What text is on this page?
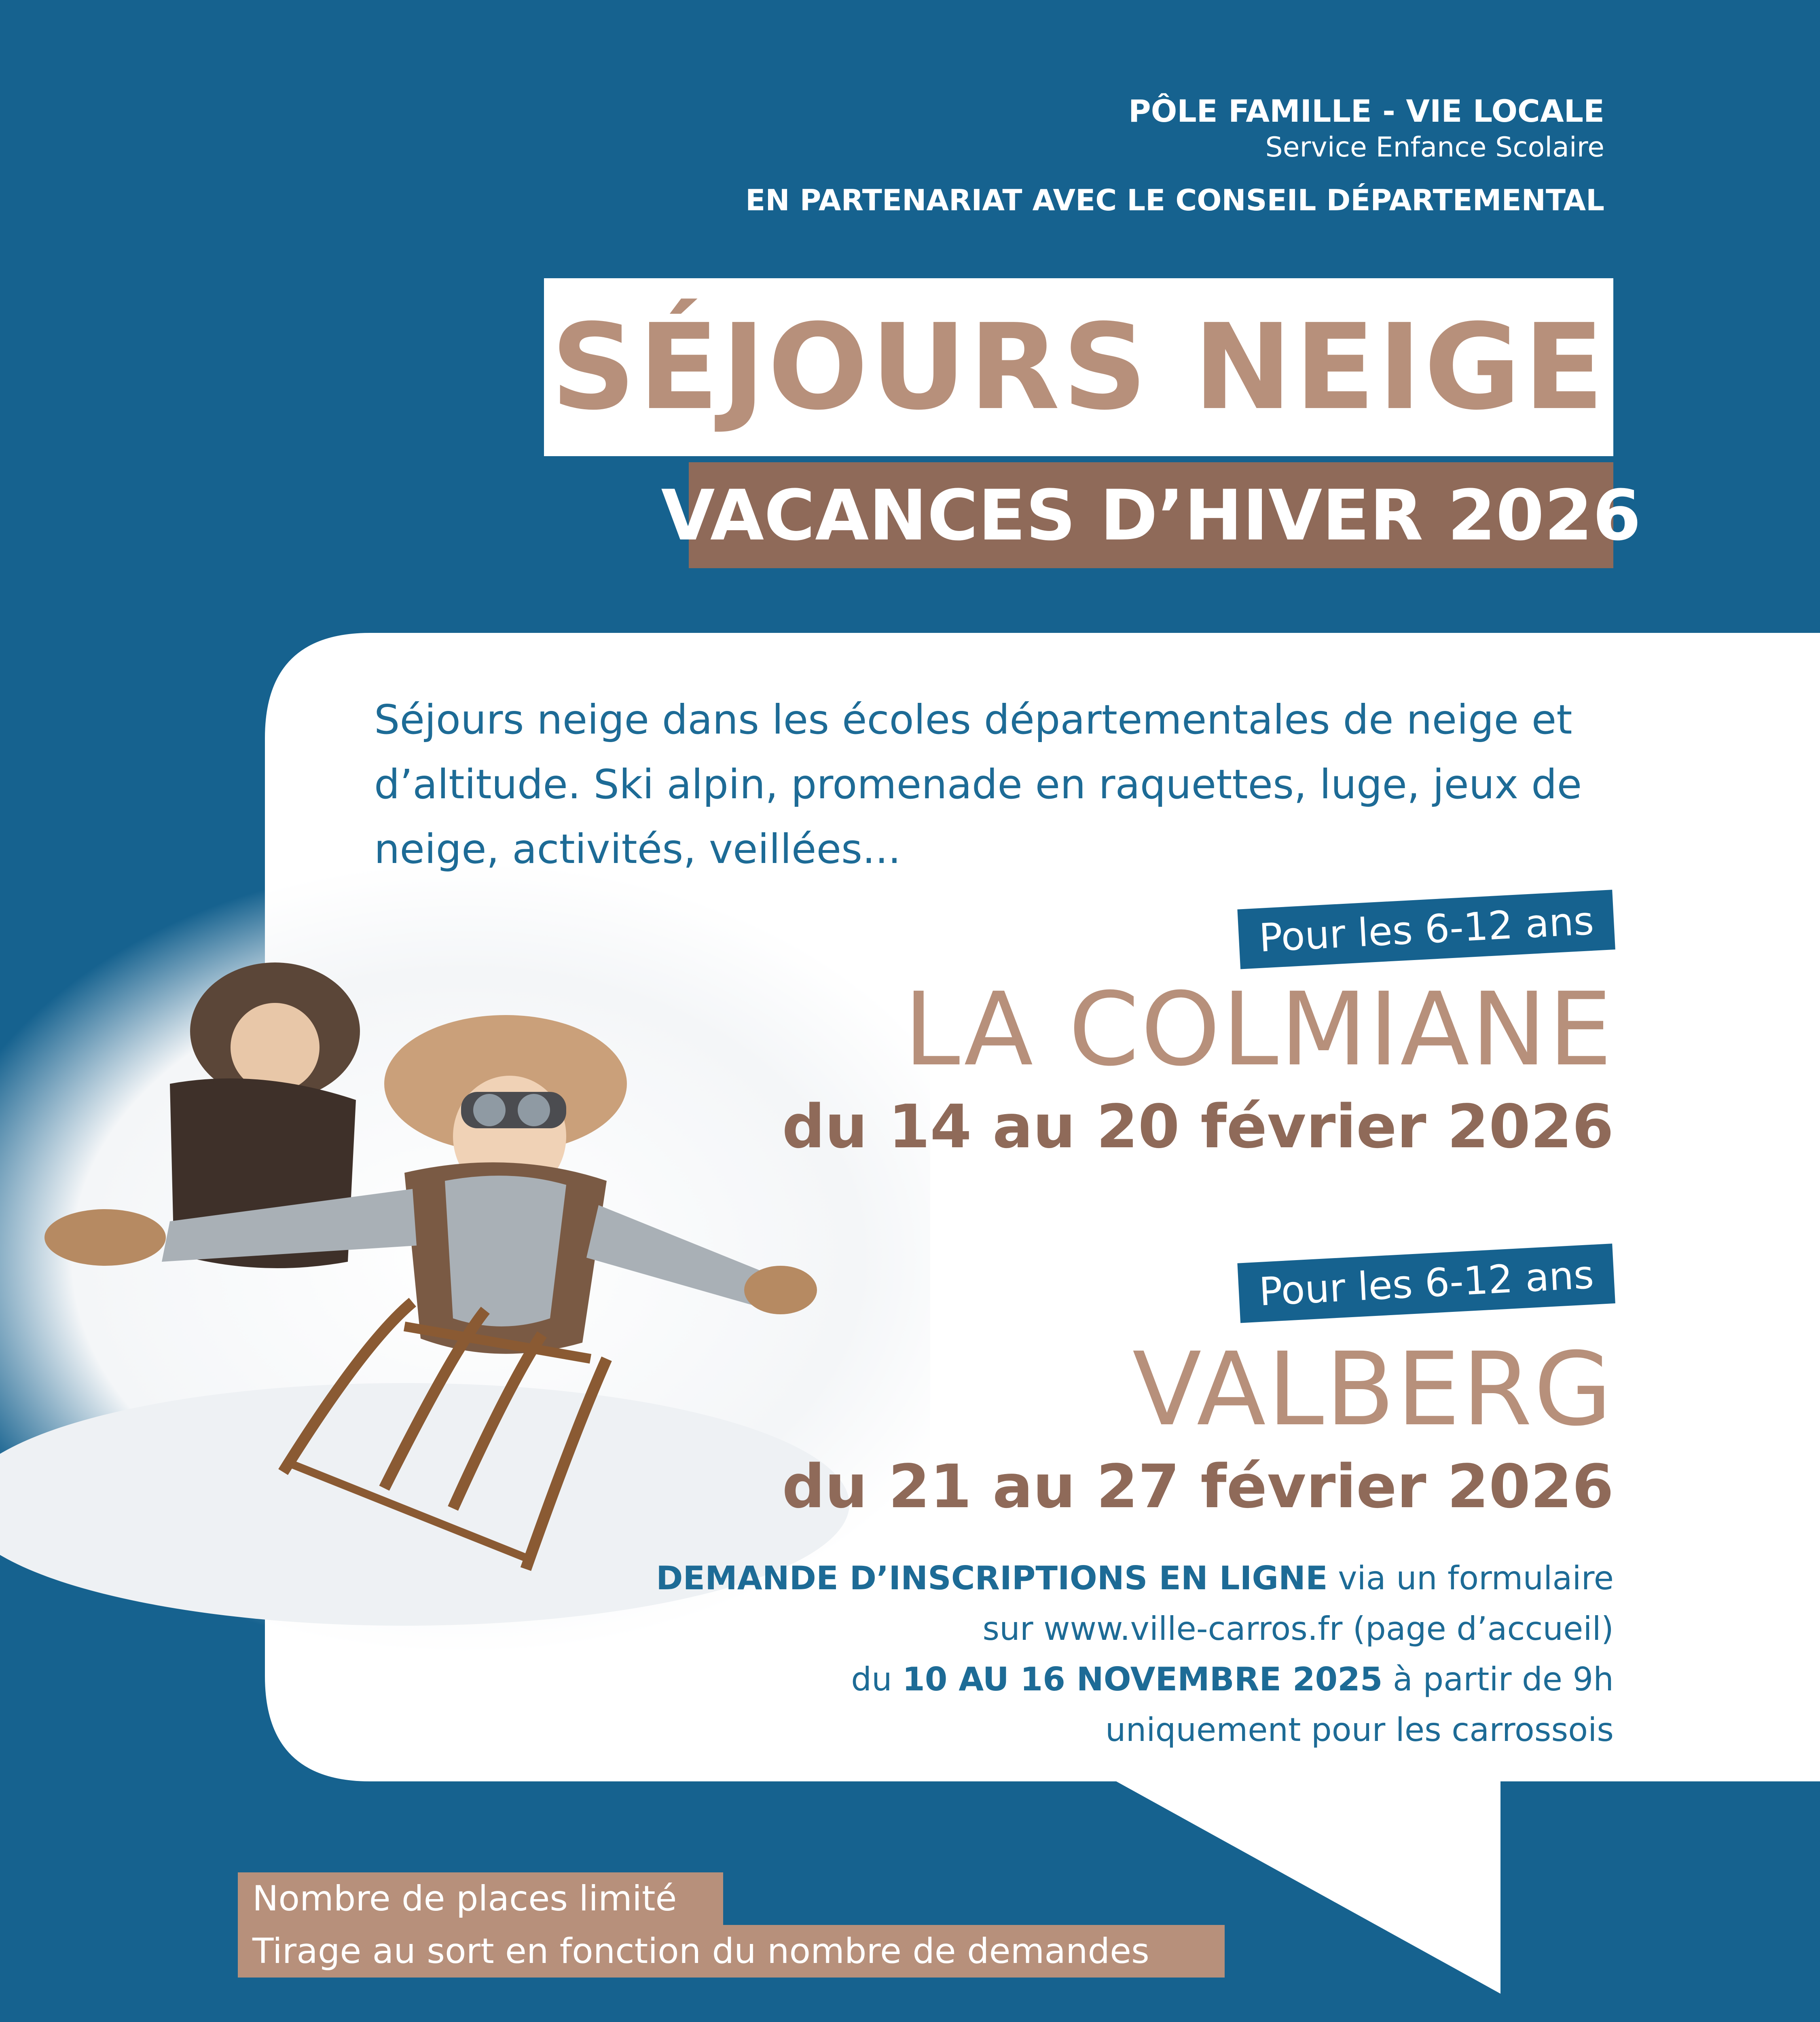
PÔLE FAMILLE - VIE LOCALE
Service Enfance Scolaire
EN PARTENARIAT AVEC LE CONSEIL DÉPARTEMENTAL
SÉJOURS NEIGE
VACANCES D’HIVER 2026
Séjours neige dans les écoles départementales de neige et d’altitude. Ski alpin, promenade en raquettes, luge, jeux de neige, activités, veillées...
Pour les 6-12 ans
LA COLMIANE
du 14 au 20 février 2026
Pour les 6-12 ans
VALBERG
du 21 au 27 février 2026
DEMANDE D’INSCRIPTIONS EN LIGNE via un formulaire
sur www.ville-carros.fr (page d’accueil)
du 10 AU 16 NOVEMBRE 2025 à partir de 9h
uniquement pour les carrossois
Nombre de places limité
Tirage au sort en fonction du nombre de demandes
